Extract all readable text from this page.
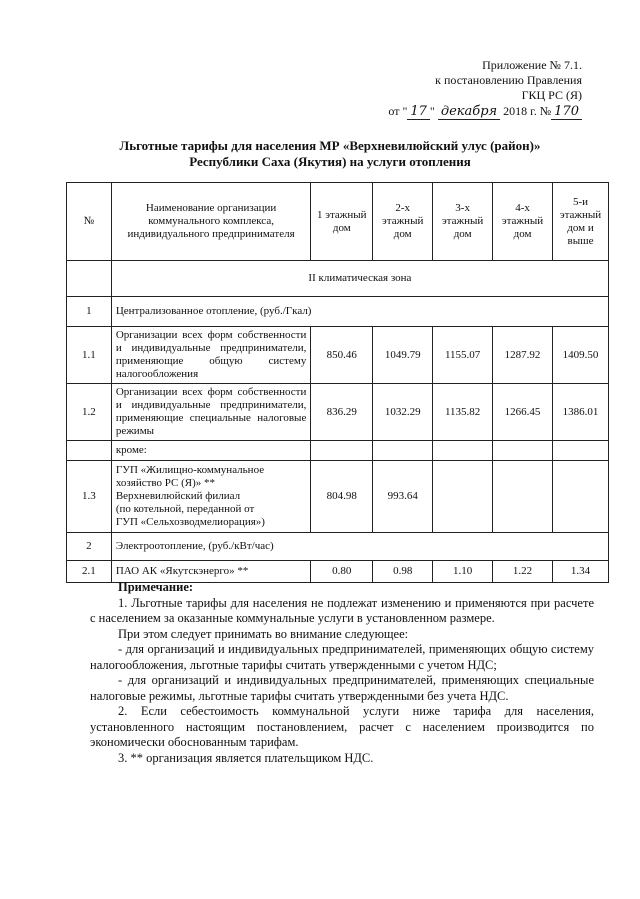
Приложение № 7.1.
к постановлению Правления
ГКЦ РС (Я)
от " 17 " декабря 2018 г. № 170
Льготные тарифы для населения МР «Верхневилюйский улус (район)»
Республики Саха (Якутия) на услуги отопления
№	Наименование организации коммунального комплекса, индивидуального предпринимателя	1 этажный дом	2-х этажный дом	3-х этажный дом	4-х этажный дом	5-и этажный дом и выше
	II климатическая зона					
1	Централизованное отопление, (руб./Гкал)					
1.1	Организации всех форм собственности и индивидуальные предприниматели, применяющие общую систему налогообложения	850.46	1049.79	1155.07	1287.92	1409.50
1.2	Организации всех форм собственности и индивидуальные предприниматели, применяющие специальные налоговые режимы	836.29	1032.29	1135.82	1266.45	1386.01
	кроме:					
1.3	ГУП «Жилищно-коммунальное
хозяйство РС (Я)» **
Верхневилюйский филиал
(по котельной, переданной от
ГУП «Сельхозводмелиорация»)	804.98	993.64			
2	Электроотопление, (руб./кВт/час)					
2.1	ПАО АК «Якутскэнерго» **	0.80	0.98	1.10	1.22	1.34

Примечание:

1. Льготные тарифы для населения не подлежат изменению и применяются при расчете с населением за оказанные коммунальные услуги в установленном размере.

При этом следует принимать во внимание следующее:

- для организаций и индивидуальных предпринимателей, применяющих общую систему налогообложения, льготные тарифы считать утвержденными с учетом НДС;

- для организаций и индивидуальных предпринимателей, применяющих специальные налоговые режимы, льготные тарифы считать утвержденными без учета НДС.

2. Если себестоимость коммунальной услуги ниже тарифа для населения, установленного настоящим постановлением, расчет с населением производится по экономически обоснованным тарифам.

3. ** организация является плательщиком НДС.
